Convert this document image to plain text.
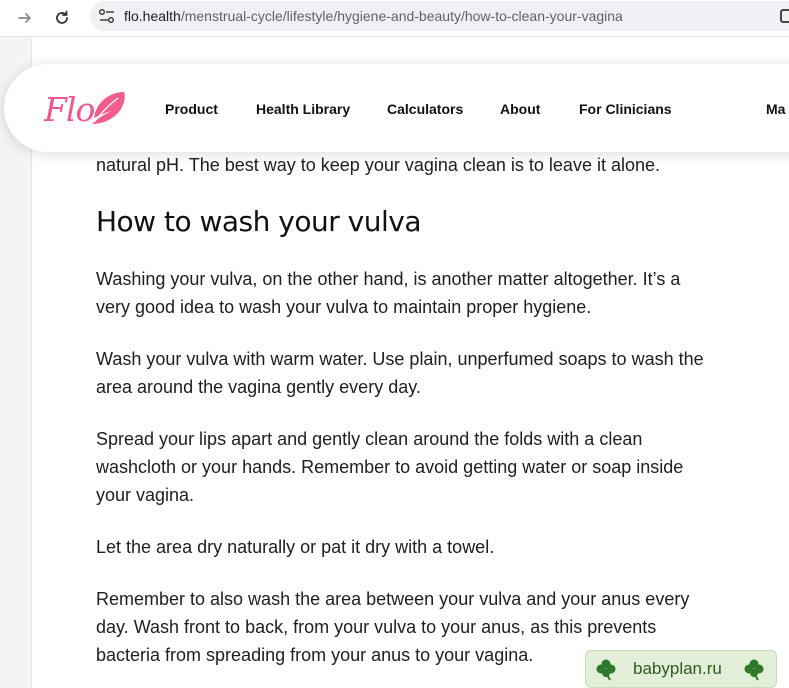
flo.health/menstrual-cycle/lifestyle/hygiene-and-beauty/how-to-clean-your-vagina

natural pH. The best way to keep your vagina clean is to leave it alone.

How to wash your vulva

Washing your vulva, on the other hand, is another matter altogether. It’s a
very good idea to wash your vulva to maintain proper hygiene.

Wash your vulva with warm water. Use plain, unperfumed soaps to wash the
area around the vagina gently every day.

Spread your lips apart and gently clean around the folds with a clean
washcloth or your hands. Remember to avoid getting water or soap inside
your vagina.

Let the area dry naturally or pat it dry with a towel.

Remember to also wash the area between your vulva and your anus every
day. Wash front to back, from your vulva to your anus, as this prevents
bacteria from spreading from your anus to your vagina.

Flo	Product	Health Library	Calculators	About	For Clinicians	Ma
babyplan.ru
